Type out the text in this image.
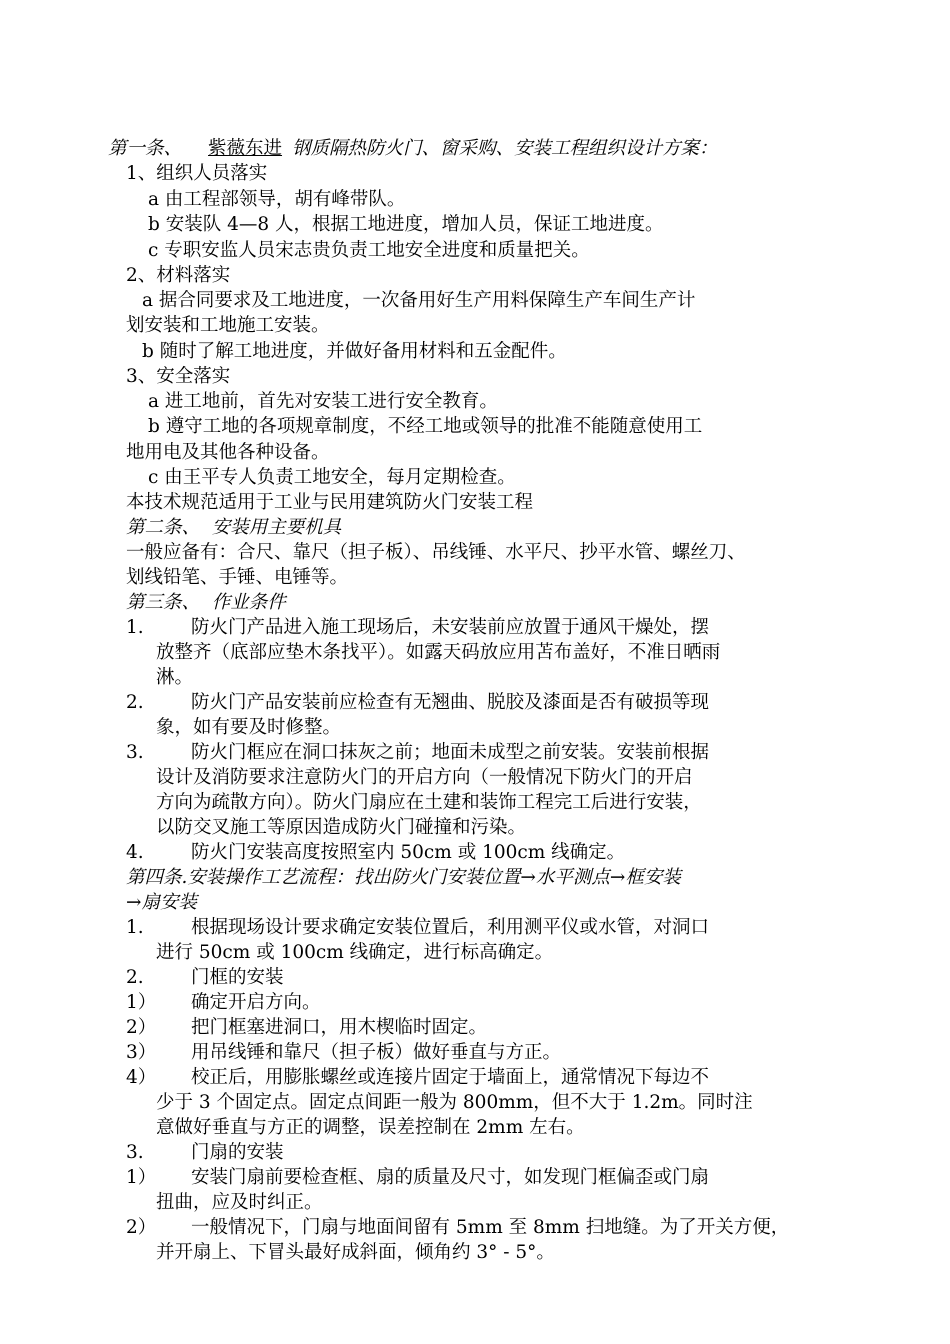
第一条、 紫薇东进 钢质隔热防火门、窗采购、安装工程组织设计方案：
1、组织人员落实
a 由工程部领导，胡有峰带队。
b 安装队 4—8 人，根据工地进度，增加人员，保证工地进度。
c 专职安监人员宋志贵负责工地安全进度和质量把关。
2、材料落实
a 据合同要求及工地进度，一次备用好生产用料保障生产车间生产计
划安装和工地施工安装。
b 随时了解工地进度，并做好备用材料和五金配件。
3、安全落实
a 进工地前，首先对安装工进行安全教育。
b 遵守工地的各项规章制度，不经工地或领导的批准不能随意使用工
地用电及其他各种设备。
c 由王平专人负责工地安全，每月定期检查。
本技术规范适用于工业与民用建筑防火门安装工程
第二条、  安装用主要机具
一般应备有：合尺、靠尺（担子板）、吊线锤、水平尺、抄平水管、螺丝刀、
划线铅笔、手锤、电锤等。
第三条、  作业条件
1.	防火门产品进入施工现场后，未安装前应放置于通风干燥处，摆
放整齐（底部应垫木条找平）。如露天码放应用苫布盖好，不准日晒雨
淋。
2.	防火门产品安装前应检查有无翘曲、脱胶及漆面是否有破损等现
象，如有要及时修整。
3.	防火门框应在洞口抹灰之前；地面未成型之前安装。安装前根据
设计及消防要求注意防火门的开启方向（一般情况下防火门的开启
方向为疏散方向）。防火门扇应在土建和装饰工程完工后进行安装，
以防交叉施工等原因造成防火门碰撞和污染。
4.	防火门安装高度按照室内 50cm 或 100cm 线确定。
第四条.安装操作工艺流程：找出防火门安装位置→水平测点→框安装
→扇安装
1.	根据现场设计要求确定安装位置后，利用测平仪或水管，对洞口
进行 50cm 或 100cm 线确定，进行标高确定。
2.	门框的安装
1） 确定开启方向。
2） 把门框塞进洞口，用木楔临时固定。
3） 用吊线锤和靠尺（担子板）做好垂直与方正。
4） 校正后，用膨胀螺丝或连接片固定于墙面上，通常情况下每边不
少于 3 个固定点。固定点间距一般为 800mm，但不大于 1.2m。同时注
意做好垂直与方正的调整，误差控制在 2mm 左右。
3.	门扇的安装
1） 安装门扇前要检查框、扇的质量及尺寸，如发现门框偏歪或门扇
扭曲，应及时纠正。
2） 一般情况下，门扇与地面间留有 5mm 至 8mm 扫地缝。为了开关方便，
并开扇上、下冒头最好成斜面，倾角约 3° - 5°。
